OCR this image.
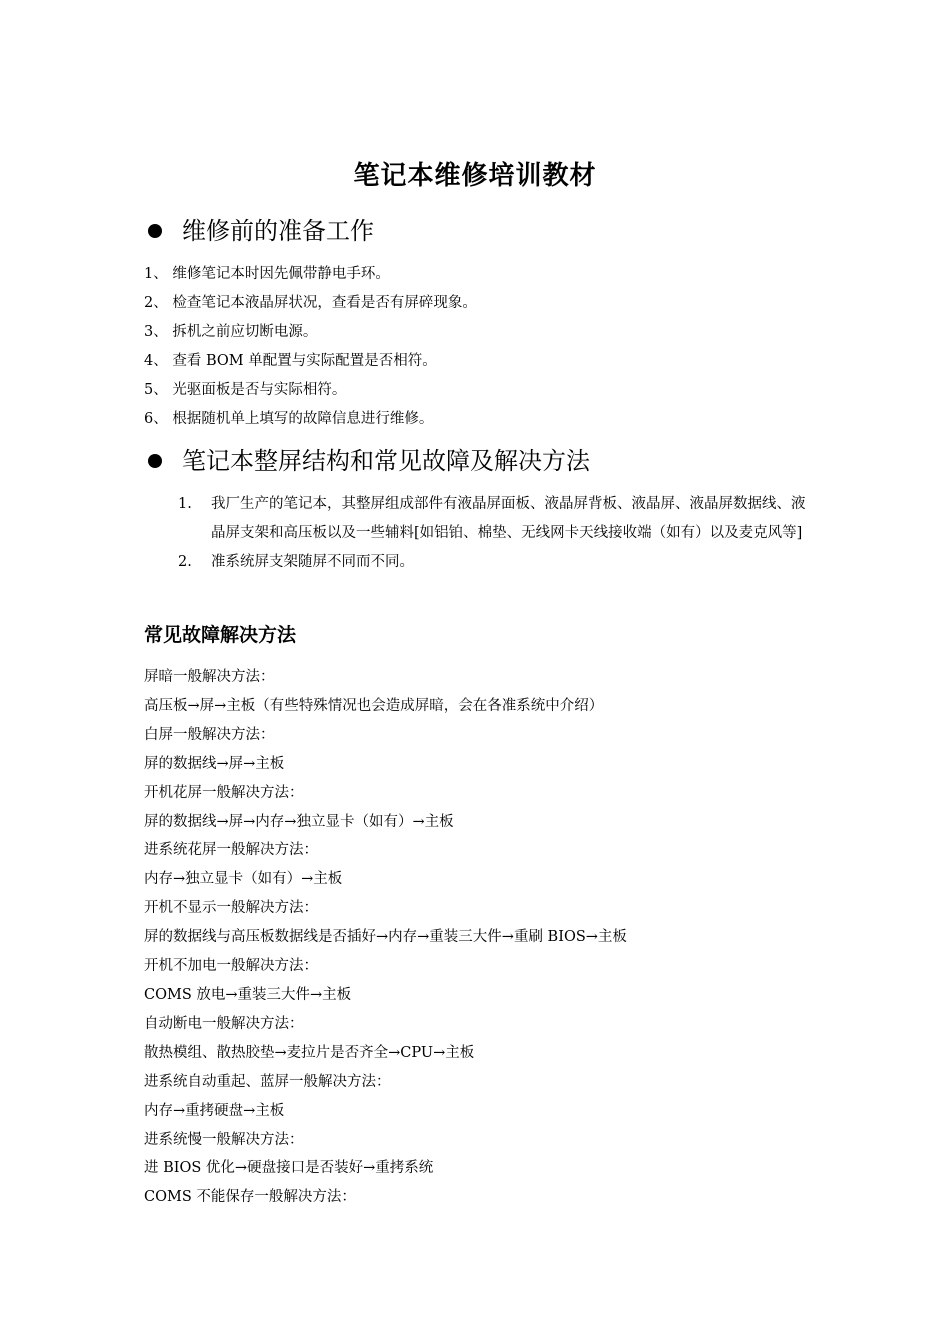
笔记本维修培训教材
维修前的准备工作
1、 维修笔记本时因先佩带静电手环。
2、 检查笔记本液晶屏状况，查看是否有屏碎现象。
3、 拆机之前应切断电源。
4、 查看 BOM 单配置与实际配置是否相符。
5、 光驱面板是否与实际相符。
6、 根据随机单上填写的故障信息进行维修。
笔记本整屏结构和常见故障及解决方法
1.	我厂生产的笔记本，其整屏组成部件有液晶屏面板、液晶屏背板、液晶屏、液晶屏数据线、液晶屏支架和高压板以及一些辅料[如铝铂、棉垫、无线网卡天线接收端（如有）以及麦克风等]
2.	准系统屏支架随屏不同而不同。
常见故障解决方法
屏暗一般解决方法：
高压板→屏→主板（有些特殊情况也会造成屏暗，会在各准系统中介绍）
白屏一般解决方法：
屏的数据线→屏→主板
开机花屏一般解决方法：
屏的数据线→屏→内存→独立显卡（如有）→主板
进系统花屏一般解决方法：
内存→独立显卡（如有）→主板
开机不显示一般解决方法：
屏的数据线与高压板数据线是否插好→内存→重装三大件→重刷 BIOS→主板
开机不加电一般解决方法：
COMS 放电→重装三大件→主板
自动断电一般解决方法：
散热模组、散热胶垫→麦拉片是否齐全→CPU→主板
进系统自动重起、蓝屏一般解决方法：
内存→重拷硬盘→主板
进系统慢一般解决方法：
进 BIOS 优化→硬盘接口是否装好→重拷系统
COMS 不能保存一般解决方法：
